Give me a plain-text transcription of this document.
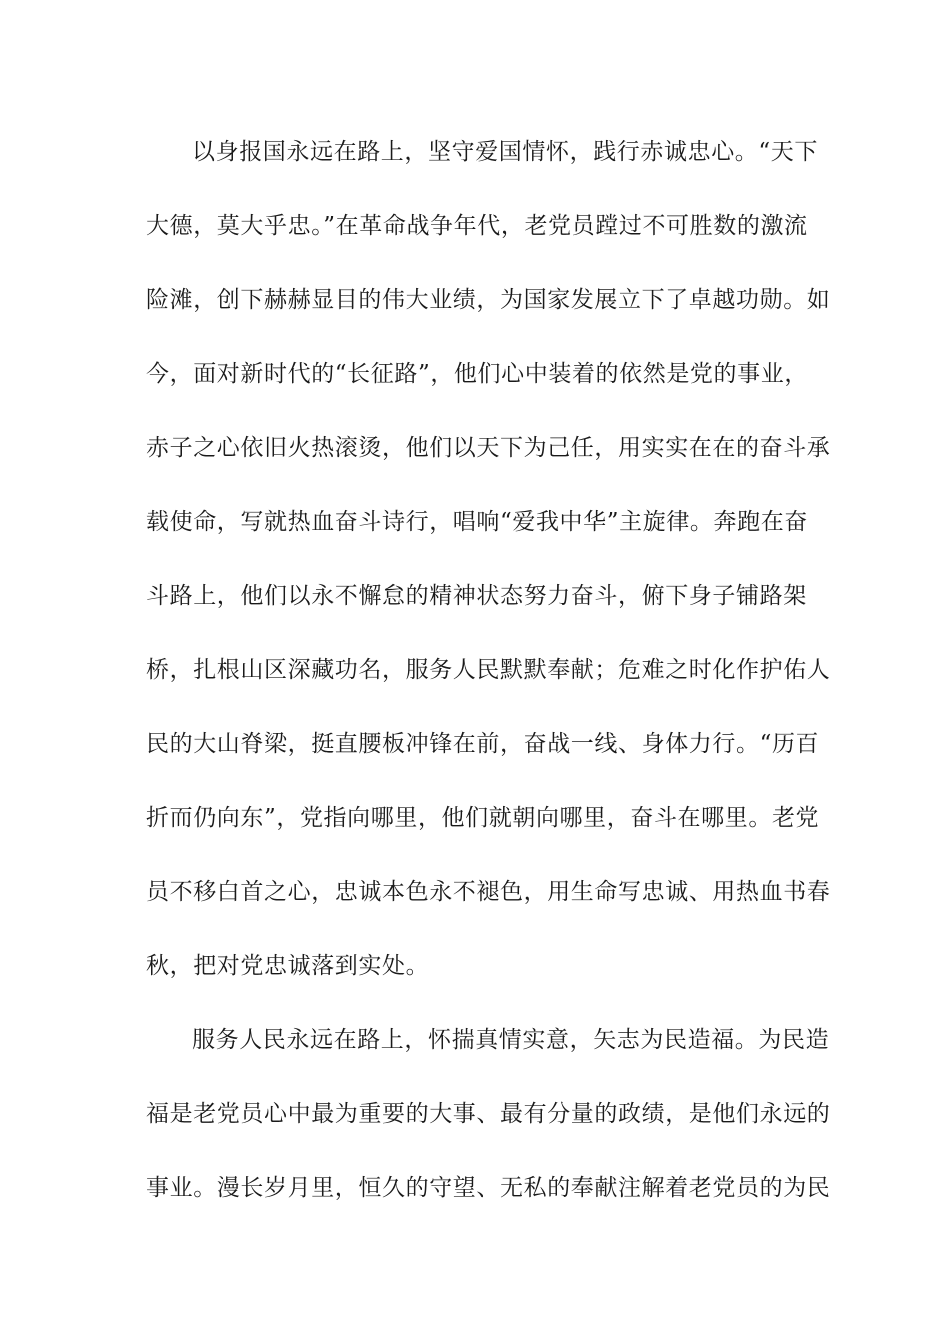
以身报国永远在路上，坚守爱国情怀，践行赤诚忠心。“天下
大德，莫大乎忠。”在革命战争年代，老党员蹚过不可胜数的激流
险滩，创下赫赫显目的伟大业绩，为国家发展立下了卓越功勋。如
今，面对新时代的“长征路”，他们心中装着的依然是党的事业，
赤子之心依旧火热滚烫，他们以天下为己任，用实实在在的奋斗承
载使命，写就热血奋斗诗行，唱响“爱我中华”主旋律。奔跑在奋
斗路上，他们以永不懈怠的精神状态努力奋斗，俯下身子铺路架
桥，扎根山区深藏功名，服务人民默默奉献；危难之时化作护佑人
民的大山脊梁，挺直腰板冲锋在前，奋战一线、身体力行。“历百
折而仍向东”，党指向哪里，他们就朝向哪里，奋斗在哪里。老党
员不移白首之心，忠诚本色永不褪色，用生命写忠诚、用热血书春
秋，把对党忠诚落到实处。
服务人民永远在路上，怀揣真情实意，矢志为民造福。为民造
福是老党员心中最为重要的大事、最有分量的政绩，是他们永远的
事业。漫长岁月里，恒久的守望、无私的奉献注解着老党员的为民
